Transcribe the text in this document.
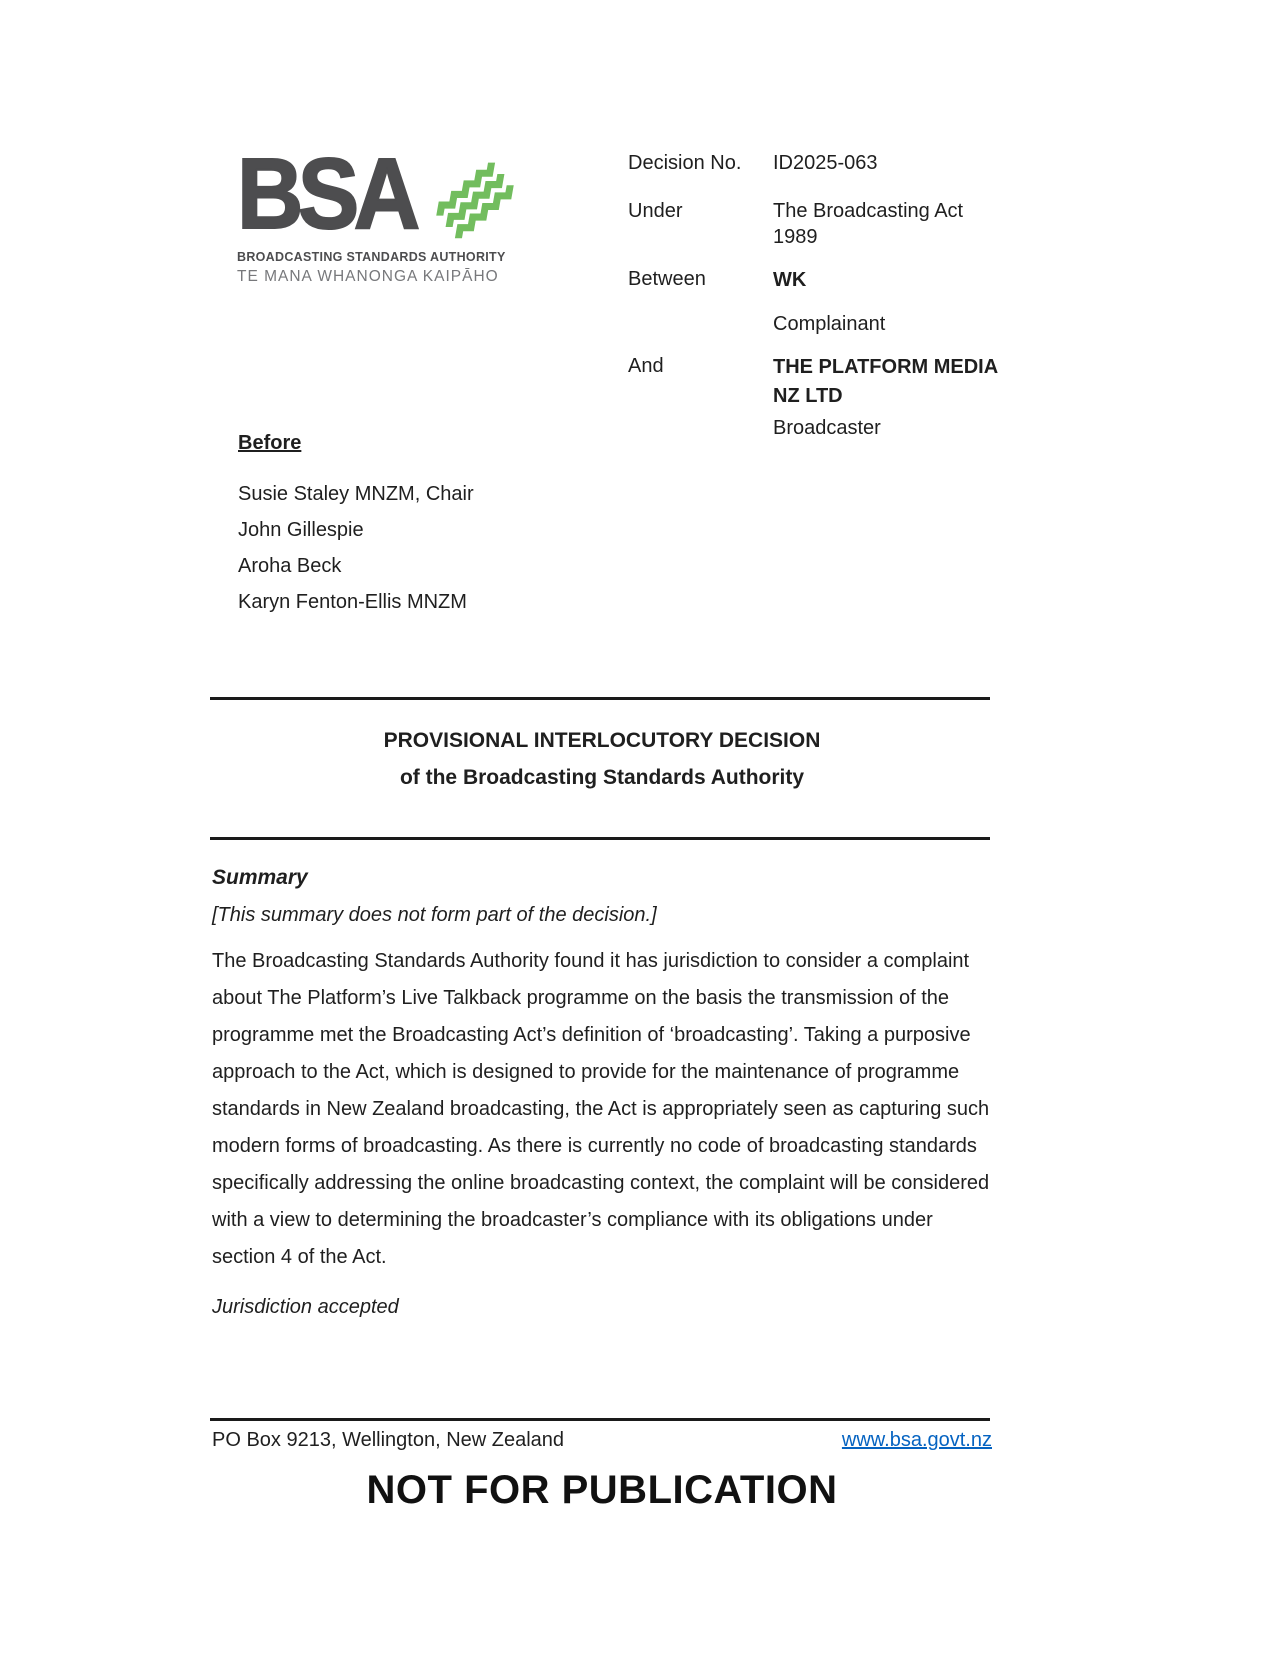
BSA
BROADCASTING STANDARDS AUTHORITY
TE MANA WHANONGA KAIPĀHO
Decision No.	ID2025-063
Under	The Broadcasting Act 1989
Between	WK
Complainant
And	THE PLATFORM MEDIA NZ LTD
Broadcaster
Before
Susie Staley MNZM, Chair
John Gillespie
Aroha Beck
Karyn Fenton-Ellis MNZM
PROVISIONAL INTERLOCUTORY DECISION
of the Broadcasting Standards Authority
Summary
[This summary does not form part of the decision.]
The Broadcasting Standards Authority found it has jurisdiction to consider a complaint about The Platform’s Live Talkback programme on the basis the transmission of the programme met the Broadcasting Act’s definition of ‘broadcasting’. Taking a purposive approach to the Act, which is designed to provide for the maintenance of programme standards in New Zealand broadcasting, the Act is appropriately seen as capturing such modern forms of broadcasting. As there is currently no code of broadcasting standards specifically addressing the online broadcasting context, the complaint will be considered with a view to determining the broadcaster’s compliance with its obligations under section 4 of the Act.
Jurisdiction accepted
PO Box 9213, Wellington, New Zealand	www.bsa.govt.nz
NOT FOR PUBLICATION
